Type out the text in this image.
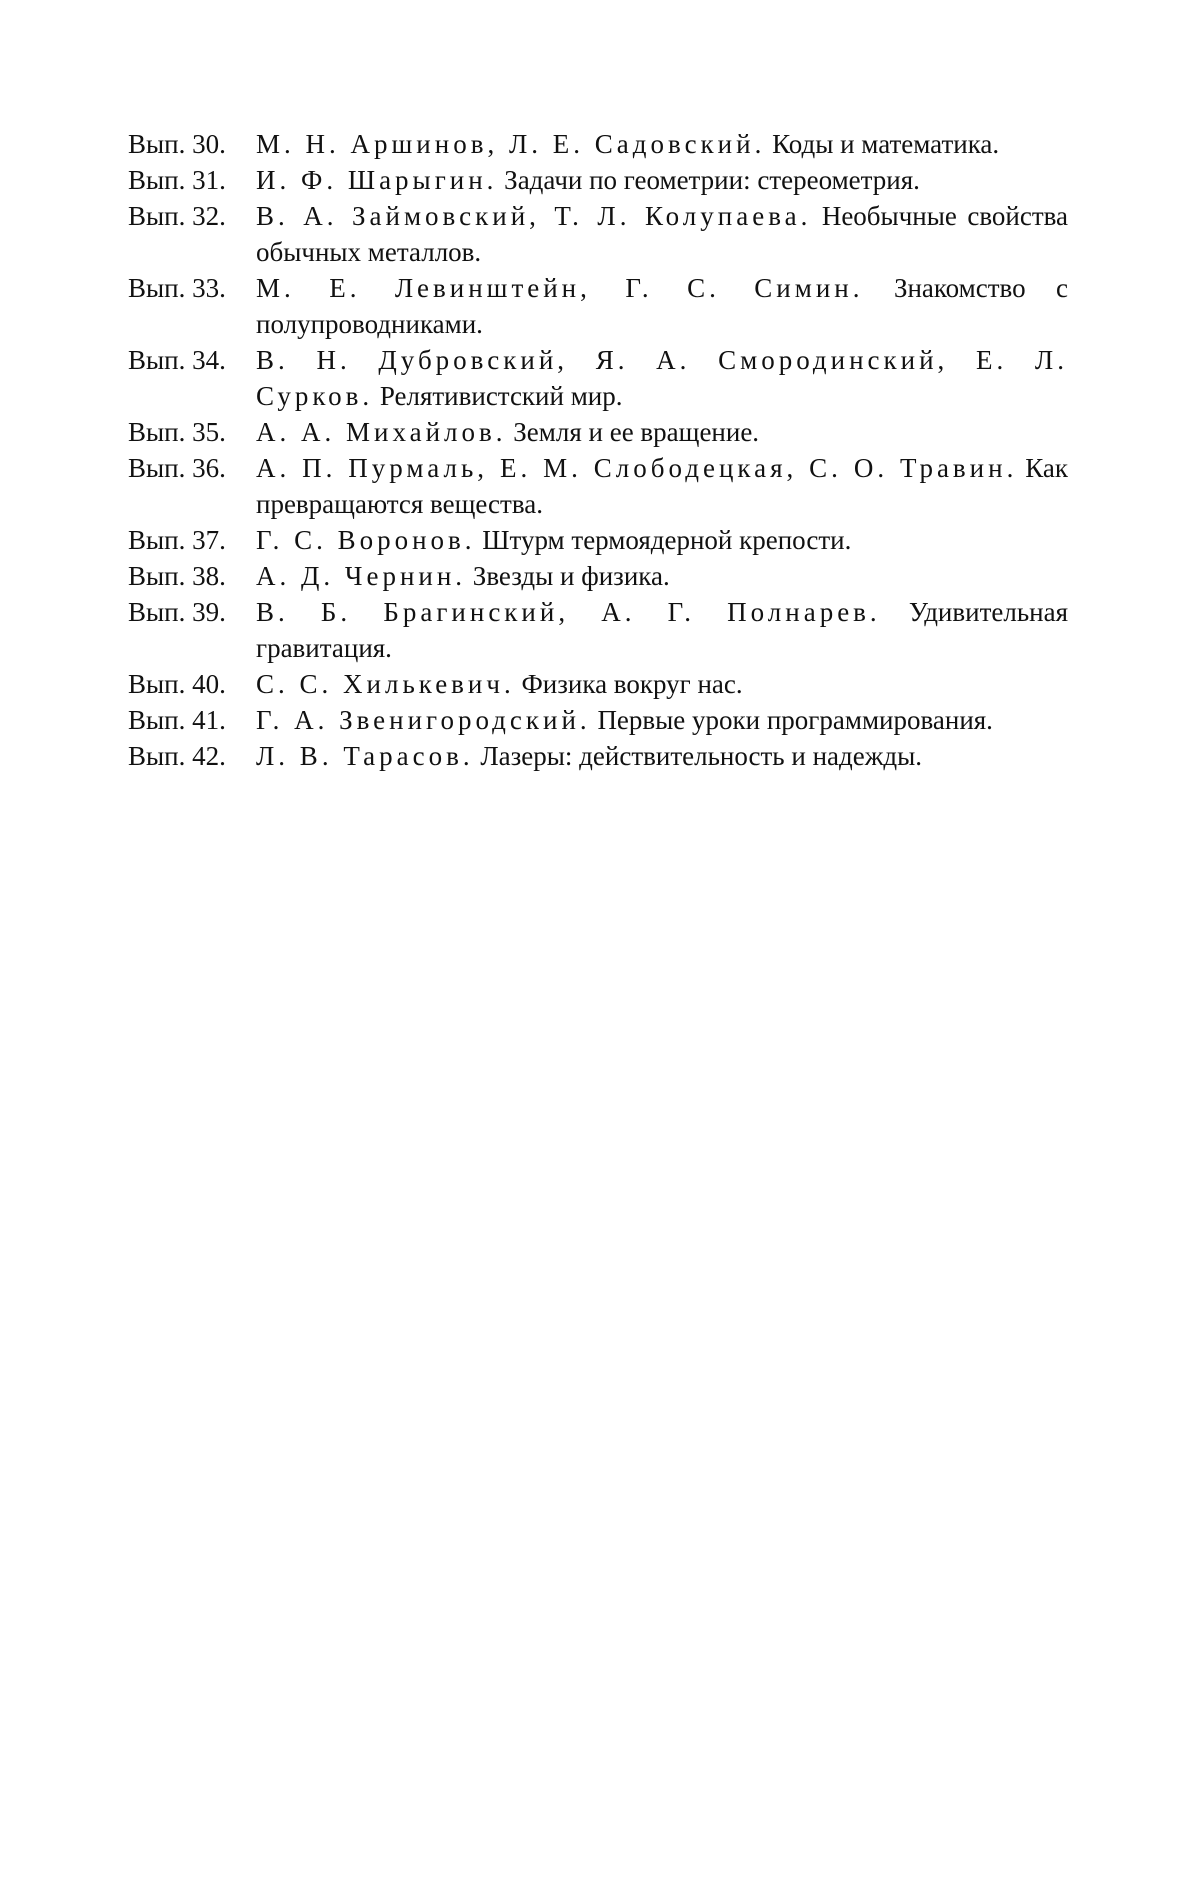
Вып. 30.	М. Н. Аршинов, Л. Е. Садовский. Коды и математика.
Вып. 31.	И. Ф. Шарыгин. Задачи по геометрии: стереометрия.
Вып. 32.	В. А. Займовский, Т. Л. Колупаева. Необычные свойства обычных металлов.
Вып. 33.	М. Е. Левинштейн, Г. С. Симин. Знакомство с полупроводниками.
Вып. 34.	В. Н. Дубровский, Я. А. Смородинский, Е. Л. Сурков. Релятивистский мир.
Вып. 35.	А. А. Михайлов. Земля и ее вращение.
Вып. 36.	А. П. Пурмаль, Е. М. Слободецкая, С. О. Травин. Как превращаются вещества.
Вып. 37.	Г. С. Воронов. Штурм термоядерной крепости.
Вып. 38.	А. Д. Чернин. Звезды и физика.
Вып. 39.	В. Б. Брагинский, А. Г. Полнарев. Удивительная гравитация.
Вып. 40.	С. С. Хилькевич. Физика вокруг нас.
Вып. 41.	Г. А. Звенигородский. Первые уроки программирования.
Вып. 42.	Л. В. Тарасов. Лазеры: действительность и надежды.
